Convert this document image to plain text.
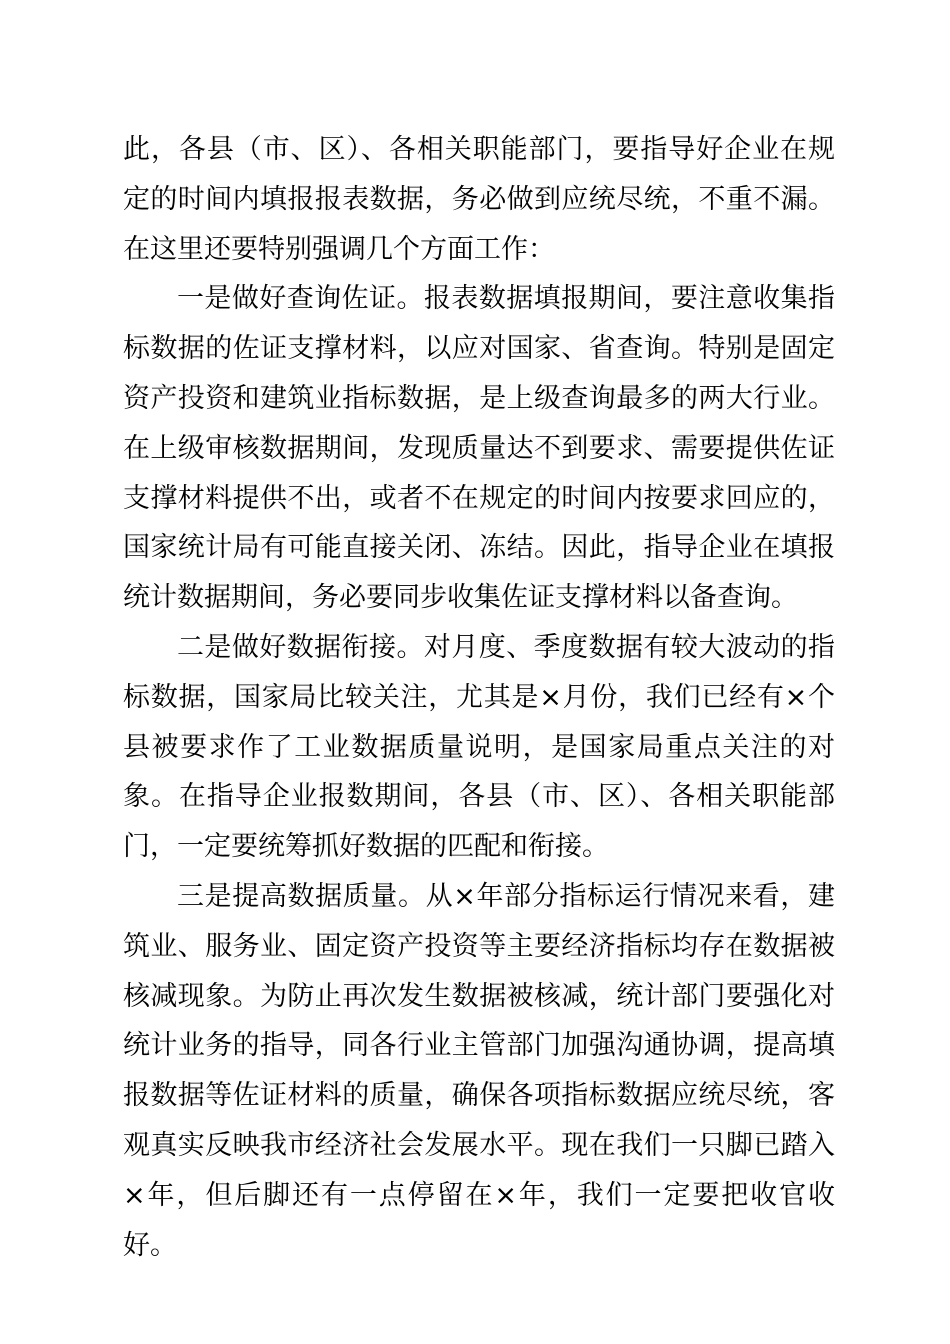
此，各县（市、区）、各相关职能部门，要指导好企业在规定的时间内填报报表数据，务必做到应统尽统，不重不漏。在这里还要特别强调几个方面工作：

一是做好查询佐证。报表数据填报期间，要注意收集指标数据的佐证支撑材料，以应对国家、省查询。特别是固定资产投资和建筑业指标数据，是上级查询最多的两大行业。在上级审核数据期间，发现质量达不到要求、需要提供佐证支撑材料提供不出，或者不在规定的时间内按要求回应的，国家统计局有可能直接关闭、冻结。因此，指导企业在填报统计数据期间，务必要同步收集佐证支撑材料以备查询。

二是做好数据衔接。对月度、季度数据有较大波动的指标数据，国家局比较关注，尤其是×月份，我们已经有×个县被要求作了工业数据质量说明，是国家局重点关注的对象。在指导企业报数期间，各县（市、区）、各相关职能部门，一定要统筹抓好数据的匹配和衔接。

三是提高数据质量。从×年部分指标运行情况来看，建筑业、服务业、固定资产投资等主要经济指标均存在数据被核减现象。为防止再次发生数据被核减，统计部门要强化对统计业务的指导，同各行业主管部门加强沟通协调，提高填报数据等佐证材料的质量，确保各项指标数据应统尽统，客观真实反映我市经济社会发展水平。现在我们一只脚已踏入×年，但后脚还有一点停留在×年，我们一定要把收官收好。
